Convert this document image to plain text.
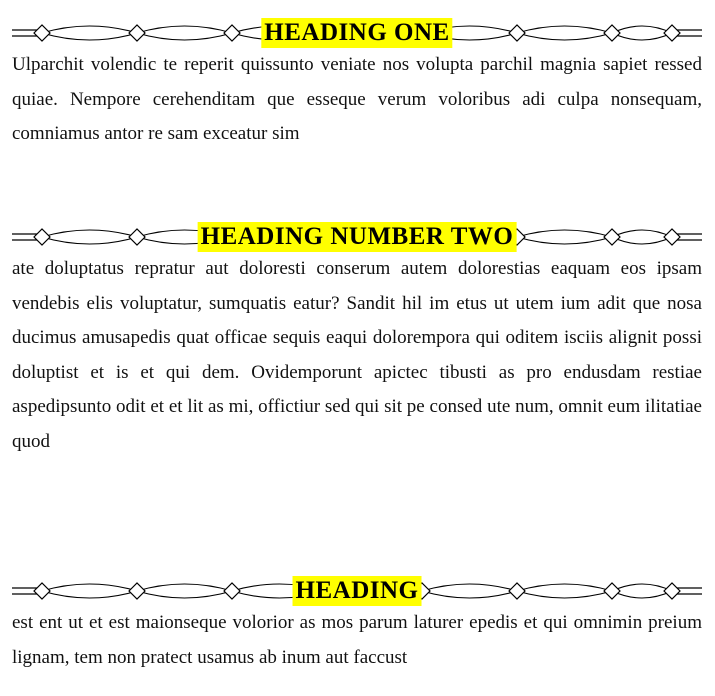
HEADING ONE

Ulparchit volendic te reperit quissunto veniate nos volupta parchil magnia sapiet ressed quiae. Nempore cerehenditam que esseque verum voloribus adi culpa nonsequam, comniamus antor re sam exceatur sim

HEADING NUMBER TWO

ate doluptatus repratur aut doloresti conserum autem dolorestias eaquam eos ipsam vendebis elis voluptatur, sumquatis eatur? Sandit hil im etus ut utem ium adit que nosa ducimus amusapedis quat officae sequis eaqui dolorempora qui oditem isciis alignit possi doluptist et is et qui dem. Ovidemporunt apictec tibusti as pro endusdam restiae aspedipsunto odit et et lit as mi, offictiur sed qui sit pe consed ute num, omnit eum ilitatiae quod

HEADING

est ent ut et est maionseque volorior as mos parum laturer epedis et qui omnimin preium lignam, tem non pratect usamus ab inum aut faccust
